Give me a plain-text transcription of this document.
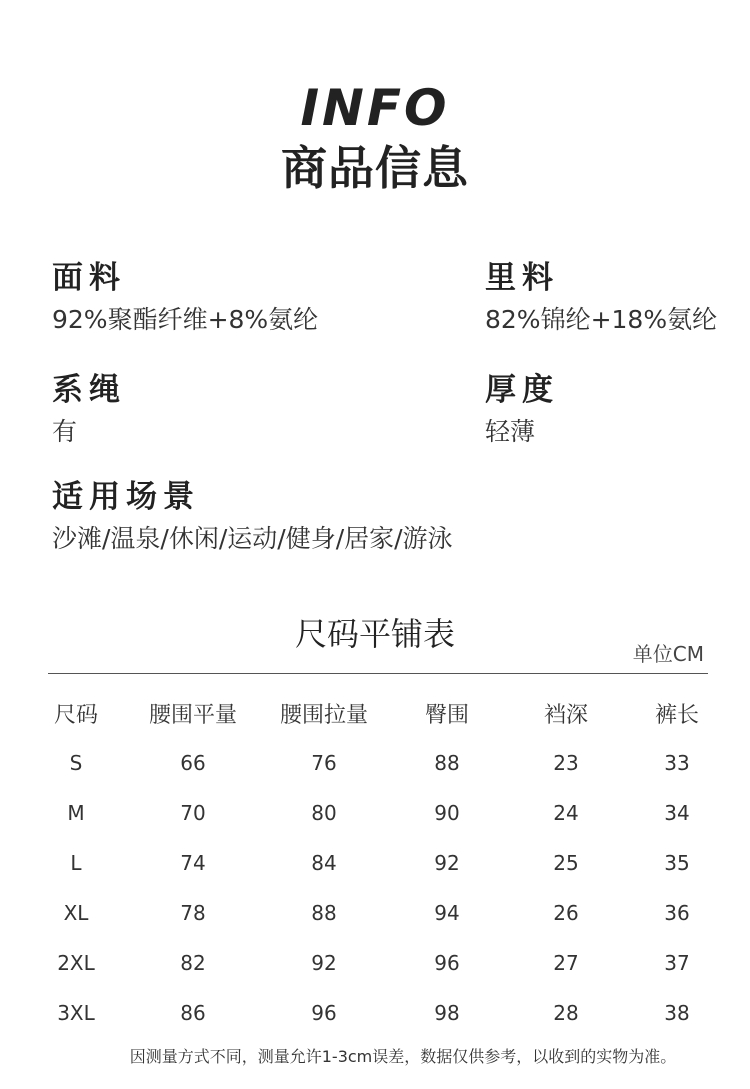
INFO
商品信息
面料
92%聚酯纤维+8%氨纶
里料
82%锦纶+18%氨纶
系绳
有
厚度
轻薄
适用场景
沙滩/温泉/休闲/运动/健身/居家/游泳
尺码平铺表
单位CM
尺码	腰围平量	腰围拉量	臀围	裆深	裤长
S	66	76	88	23	33
M	70	80	90	24	34
L	74	84	92	25	35
XL	78	88	94	26	36
2XL	82	92	96	27	37
3XL	86	96	98	28	38
因测量方式不同，测量允许1-3cm误差，数据仅供参考，以收到的实物为准。
